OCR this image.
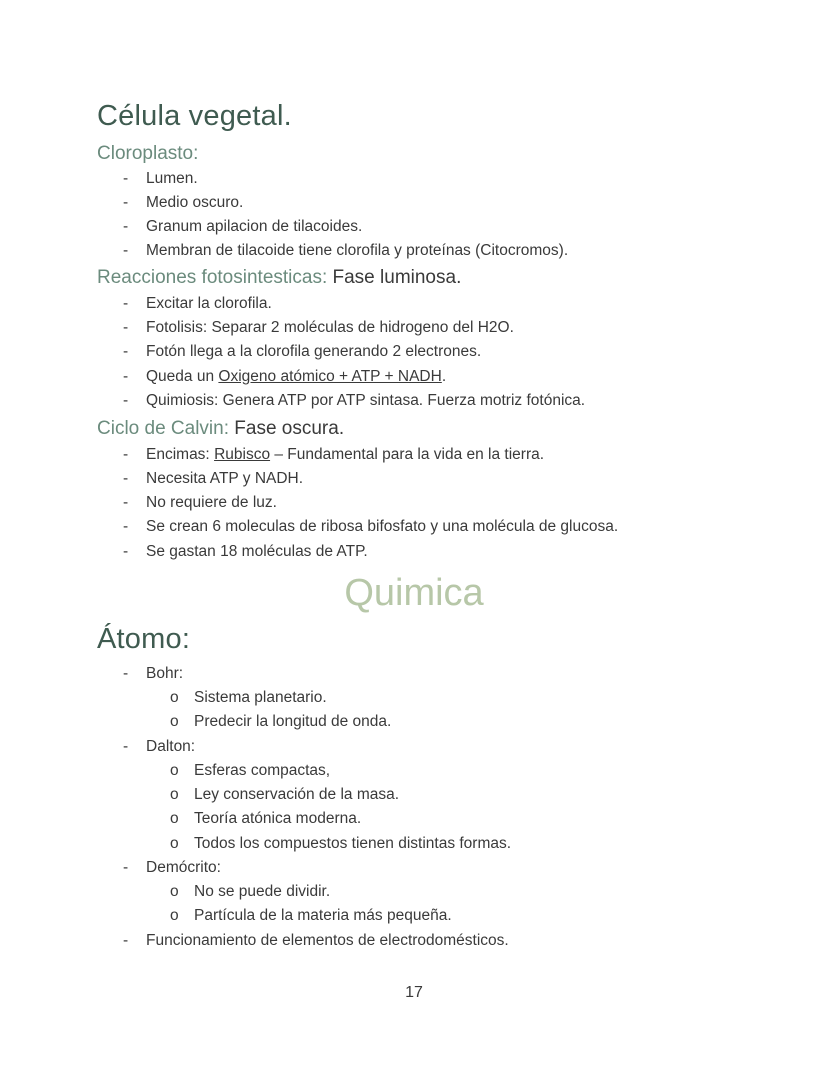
Célula vegetal.
Cloroplasto:
- Lumen.
- Medio oscuro.
- Granum apilacion de tilacoides.
- Membran de tilacoide tiene clorofila y proteínas (Citocromos).
Reacciones fotosintesticas: Fase luminosa.
- Excitar la clorofila.
- Fotolisis: Separar 2 moléculas de hidrogeno del H2O.
- Fotón llega a la clorofila generando 2 electrones.
- Queda un Oxigeno atómico + ATP + NADH.
- Quimiosis: Genera ATP por ATP sintasa. Fuerza motriz fotónica.
Ciclo de Calvin: Fase oscura.
- Encimas: Rubisco – Fundamental para la vida en la tierra.
- Necesita ATP y NADH.
- No requiere de luz.
- Se crean 6 moleculas de ribosa bifosfato y una molécula de glucosa.
- Se gastan 18 moléculas de ATP.
Quimica
Átomo:
- Bohr:
o Sistema planetario.
o Predecir la longitud de onda.
- Dalton:
o Esferas compactas,
o Ley conservación de la masa.
o Teoría atónica moderna.
o Todos los compuestos tienen distintas formas.
- Demócrito:
o No se puede dividir.
o Partícula de la materia más pequeña.
- Funcionamiento de elementos de electrodomésticos.
17
